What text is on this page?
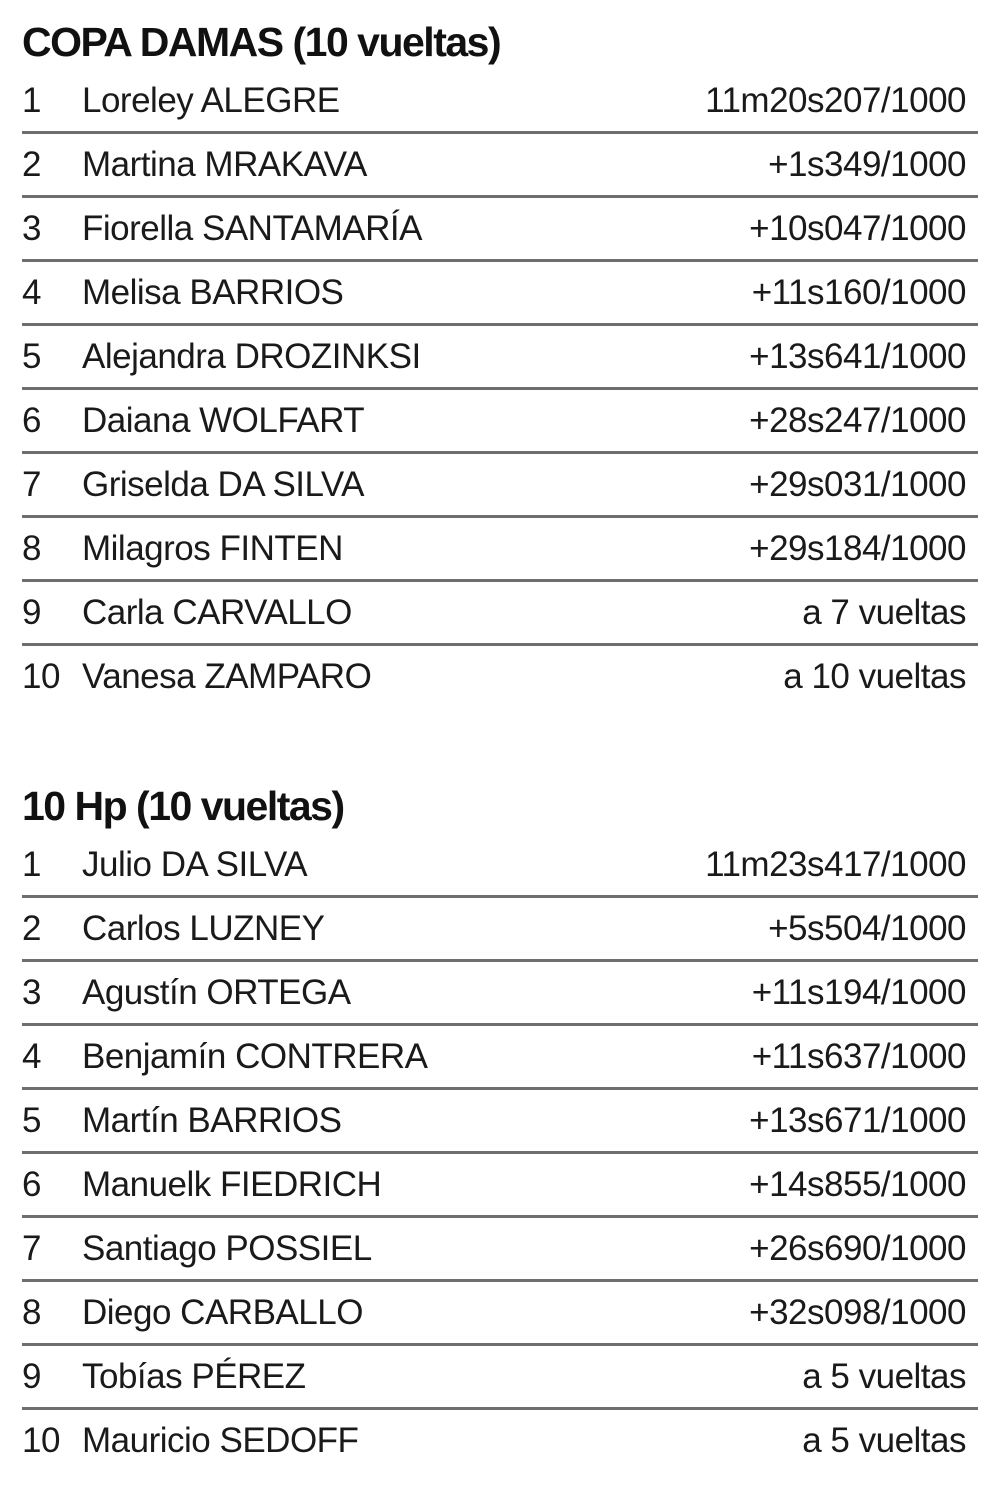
COPA DAMAS (10 vueltas)
1	Loreley ALEGRE	11m20s207/1000
2	Martina MRAKAVA	+1s349/1000
3	Fiorella SANTAMARÍA	+10s047/1000
4	Melisa BARRIOS	+11s160/1000
5	Alejandra DROZINKSI	+13s641/1000
6	Daiana WOLFART	+28s247/1000
7	Griselda DA SILVA	+29s031/1000
8	Milagros FINTEN	+29s184/1000
9	Carla CARVALLO	a 7 vueltas
10 Vanesa ZAMPARO	a 10 vueltas
10 Hp (10 vueltas)
1	Julio DA SILVA	11m23s417/1000
2	Carlos LUZNEY	+5s504/1000
3	Agustín ORTEGA	+11s194/1000
4	Benjamín CONTRERA	+11s637/1000
5	Martín BARRIOS	+13s671/1000
6	Manuelk FIEDRICH	+14s855/1000
7	Santiago POSSIEL	+26s690/1000
8	Diego CARBALLO	+32s098/1000
9	Tobías PÉREZ	a 5 vueltas
10 Mauricio SEDOFF	a 5 vueltas
